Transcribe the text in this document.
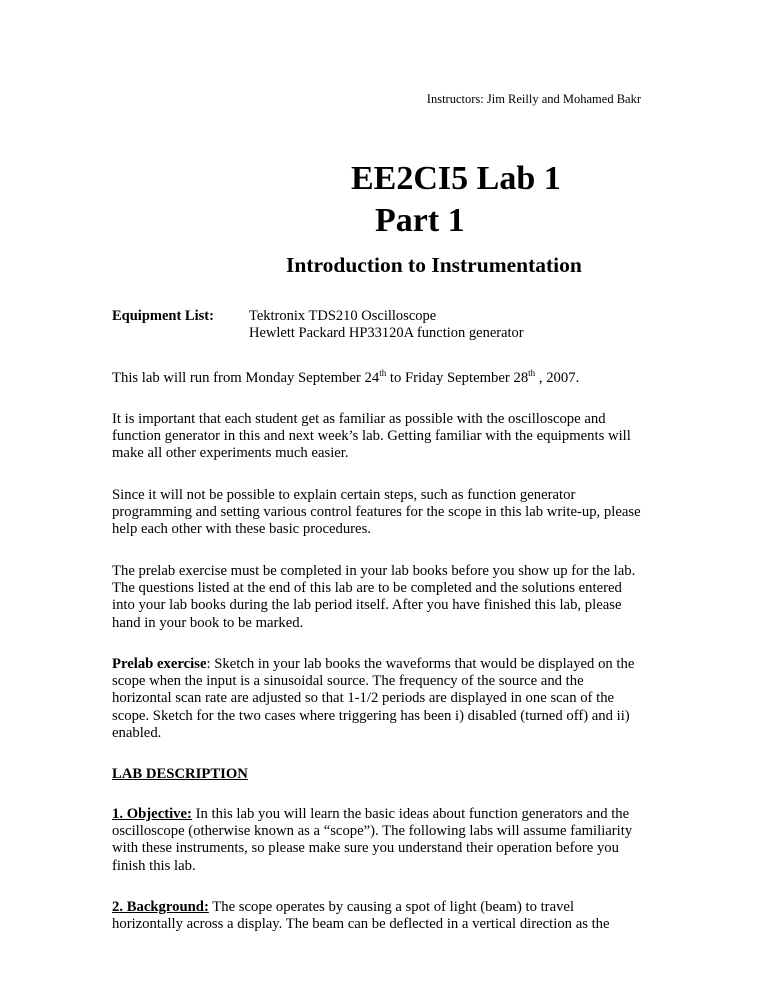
Instructors: Jim Reilly and Mohamed Bakr
EE2CI5 Lab 1
Part 1
Introduction to Instrumentation
Equipment List: Tektronix TDS210 Oscilloscope
Hewlett Packard HP33120A function generator
This lab will run from Monday September 24th to Friday September 28th , 2007.
It is important that each student get as familiar as possible with the oscilloscope and
function generator in this and next week’s lab. Getting familiar with the equipments will
make all other experiments much easier.
Since it will not be possible to explain certain steps, such as function generator
programming and setting various control features for the scope in this lab write-up, please
help each other with these basic procedures.
The prelab exercise must be completed in your lab books before you show up for the lab.
The questions listed at the end of this lab are to be completed and the solutions entered
into your lab books during the lab period itself. After you have finished this lab, please
hand in your book to be marked.
Prelab exercise: Sketch in your lab books the waveforms that would be displayed on the
scope when the input is a sinusoidal source. The frequency of the source and the
horizontal scan rate are adjusted so that 1-1/2 periods are displayed in one scan of the
scope. Sketch for the two cases where triggering has been i) disabled (turned off) and ii)
enabled.
LAB DESCRIPTION
1. Objective: In this lab you will learn the basic ideas about function generators and the
oscilloscope (otherwise known as a “scope”). The following labs will assume familiarity
with these instruments, so please make sure you understand their operation before you
finish this lab.
2. Background: The scope operates by causing a spot of light (beam) to travel
horizontally across a display. The beam can be deflected in a vertical direction as the
